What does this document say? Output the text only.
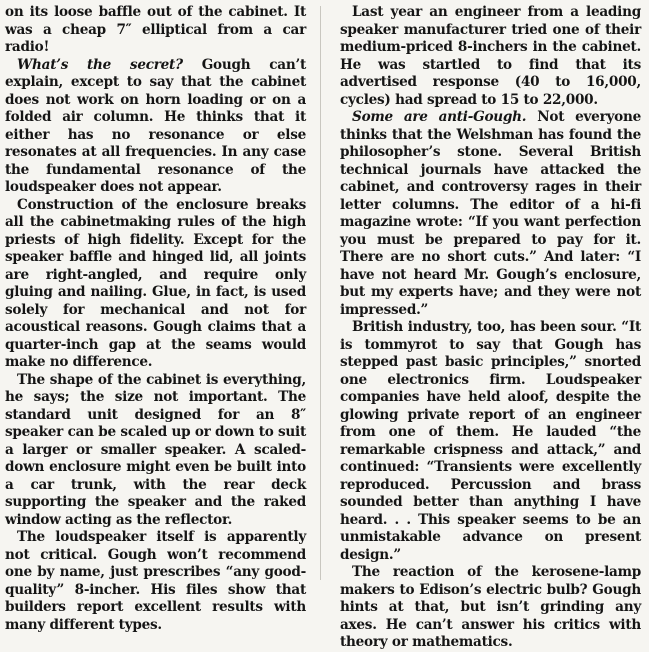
on its loose baffle out of the cabinet. It was a cheap 7″ elliptical from a car radio!

What’s the secret? Gough can’t explain, except to say that the cabinet does not work on horn loading or on a folded air column. He thinks that it either has no resonance or else resonates at all frequencies. In any case the fundamental resonance of the loudspeaker does not appear.

Construction of the enclosure breaks all the cabinetmaking rules of the high priests of high fidelity. Except for the speaker baffle and hinged lid, all joints are right-angled, and require only gluing and nailing. Glue, in fact, is used solely for mechanical and not for acoustical reasons. Gough claims that a quarter-inch gap at the seams would make no difference.

The shape of the cabinet is everything, he says; the size not important. The standard unit designed for an 8″ speaker can be scaled up or down to suit a larger or smaller speaker. A scaled-down enclosure might even be built into a car trunk, with the rear deck supporting the speaker and the raked window acting as the reflector.

The loudspeaker itself is apparently not critical. Gough won’t recommend one by name, just prescribes “any good-quality” 8-incher. His files show that builders report excellent results with many different types.

Last year an engineer from a leading speaker manufacturer tried one of their medium-priced 8-inchers in the cabinet. He was startled to find that its advertised response (40 to 16,000, cycles) had spread to 15 to 22,000.

Some are anti-Gough. Not everyone thinks that the Welshman has found the philosopher’s stone. Several British technical journals have attacked the cabinet, and controversy rages in their letter columns. The editor of a hi-fi magazine wrote: “If you want perfection you must be prepared to pay for it. There are no short cuts.” And later: “I have not heard Mr. Gough’s enclosure, but my experts have; and they were not impressed.”

British industry, too, has been sour. “It is tommyrot to say that Gough has stepped past basic principles,” snorted one electronics firm. Loudspeaker companies have held aloof, despite the glowing private report of an engineer from one of them. He lauded “the remarkable crispness and attack,” and continued: “Transients were excellently reproduced. Percussion and brass sounded better than anything I have heard. . . This speaker seems to be an unmistakable advance on present design.”

The reaction of the kerosene-lamp makers to Edison’s electric bulb? Gough hints at that, but isn’t grinding any axes. He can’t answer his critics with theory or mathematics.
